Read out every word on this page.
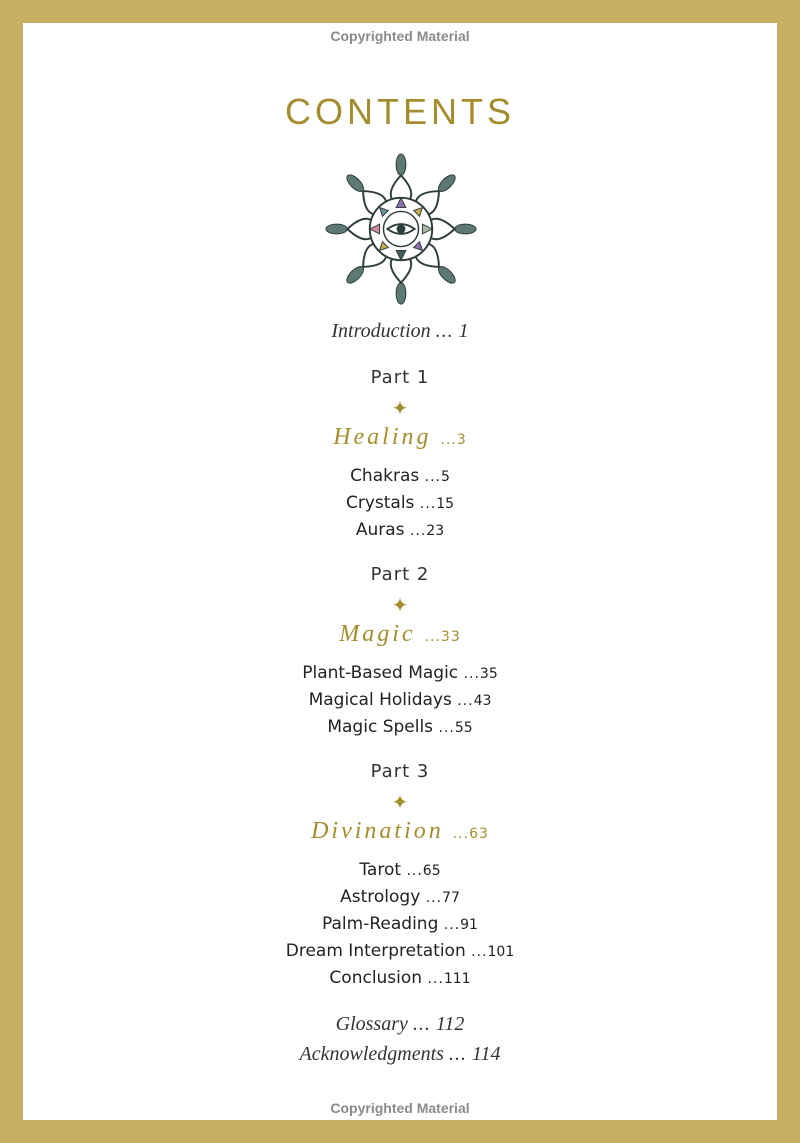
Copyrighted Material
CONTENTS
Introduction ... 1
Part 1
✦
Healing ...3
Chakras ...5
Crystals ...15
Auras ...23
Part 2
✦
Magic ...33
Plant-Based Magic ...35
Magical Holidays ...43
Magic Spells ...55
Part 3
✦
Divination ...63
Tarot ...65
Astrology ...77
Palm-Reading ...91
Dream Interpretation ...101
Conclusion ...111
Glossary ... 112
Acknowledgments ... 114
Copyrighted Material
